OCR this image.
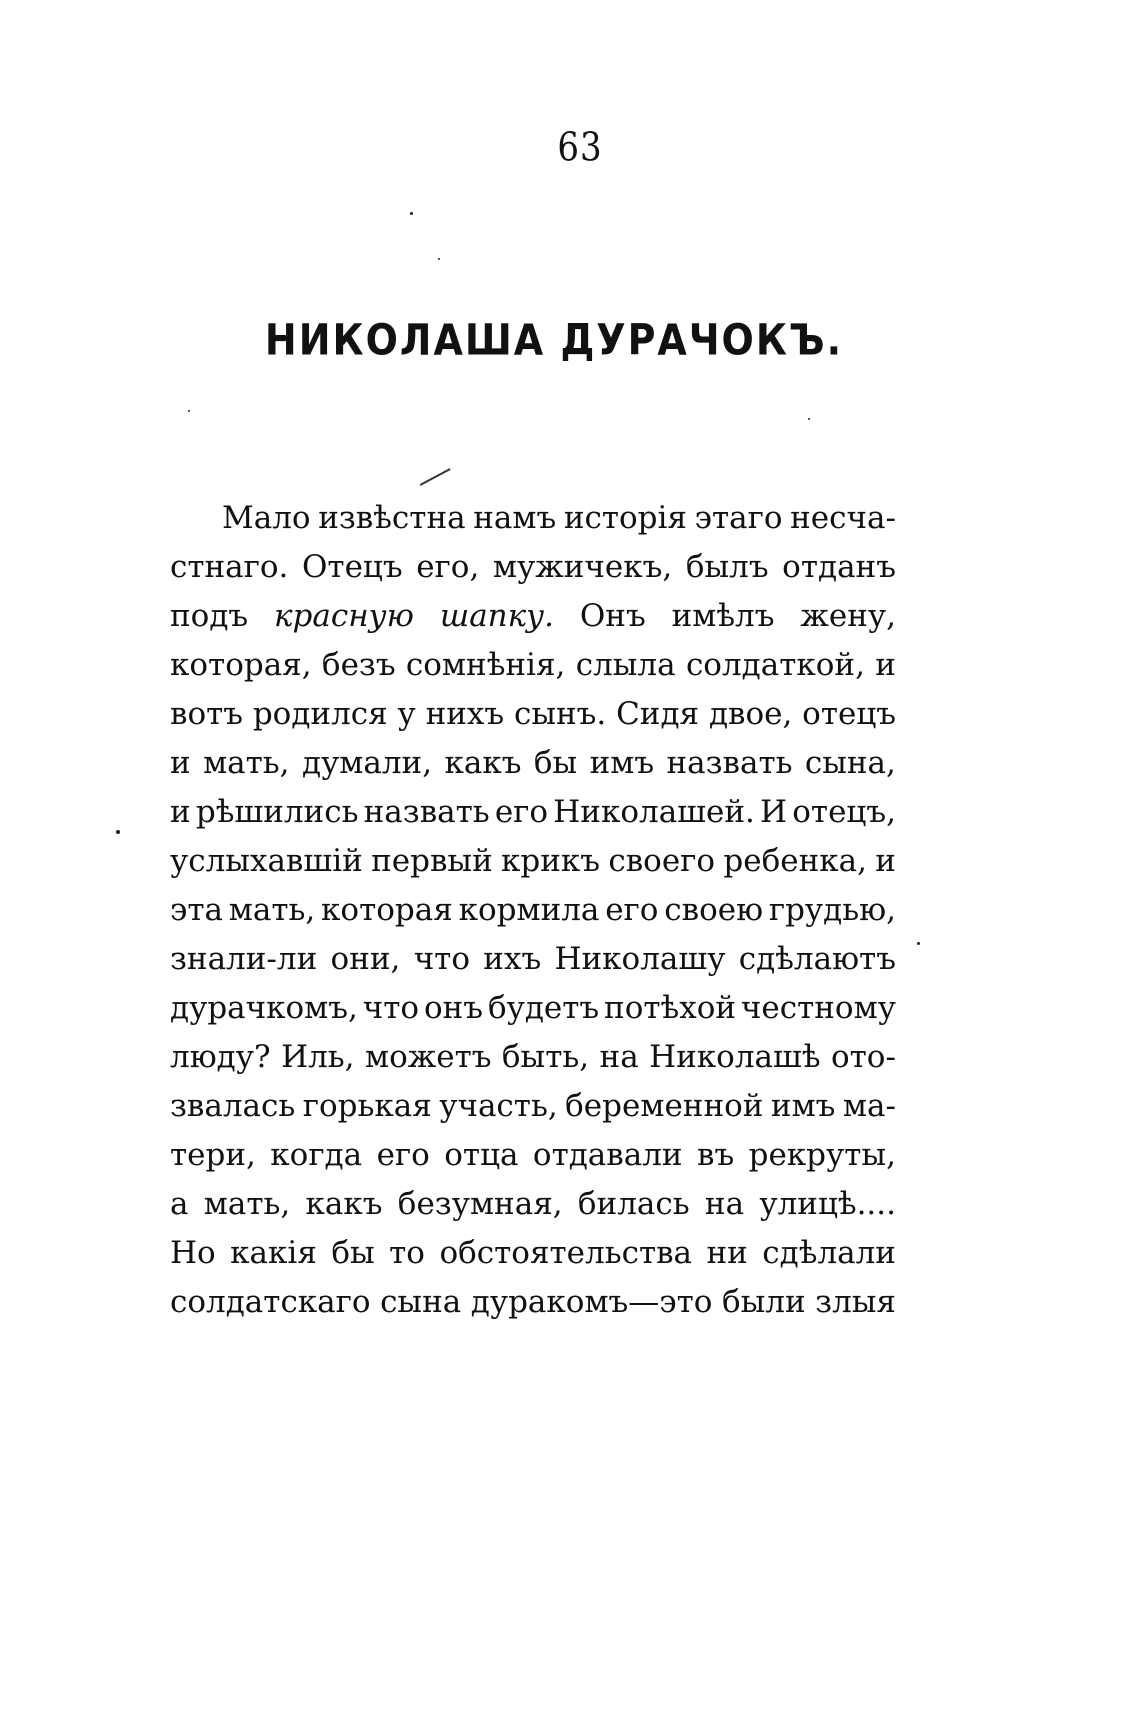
63
НИКОЛАША ДУРАЧОКЪ.
Мало извѣстна намъ исторія этаго несча-
стнаго. Отецъ его, мужичекъ, былъ отданъ
подъ красную шапку. Онъ имѣлъ жену,
которая, безъ сомнѣнія, слыла солдаткой, и
вотъ родился у нихъ сынъ. Сидя двое, отецъ
и мать, думали, какъ бы имъ назвать сына,
и рѣшились назвать его Николашей. И отецъ,
услыхавшій первый крикъ своего ребенка, и
эта мать, которая кормила его своею грудью,
знали-ли они, что ихъ Николашу сдѣлаютъ
дурачкомъ, что онъ будетъ потѣхой честному
люду? Иль, можетъ быть, на Николашѣ ото-
звалась горькая участь, беременной имъ ма-
тери, когда его отца отдавали въ рекруты,
а мать, какъ безумная, билась на улицѣ....
Но какія бы то обстоятельства ни сдѣлали
солдатскаго сына дуракомъ—это были злыя
